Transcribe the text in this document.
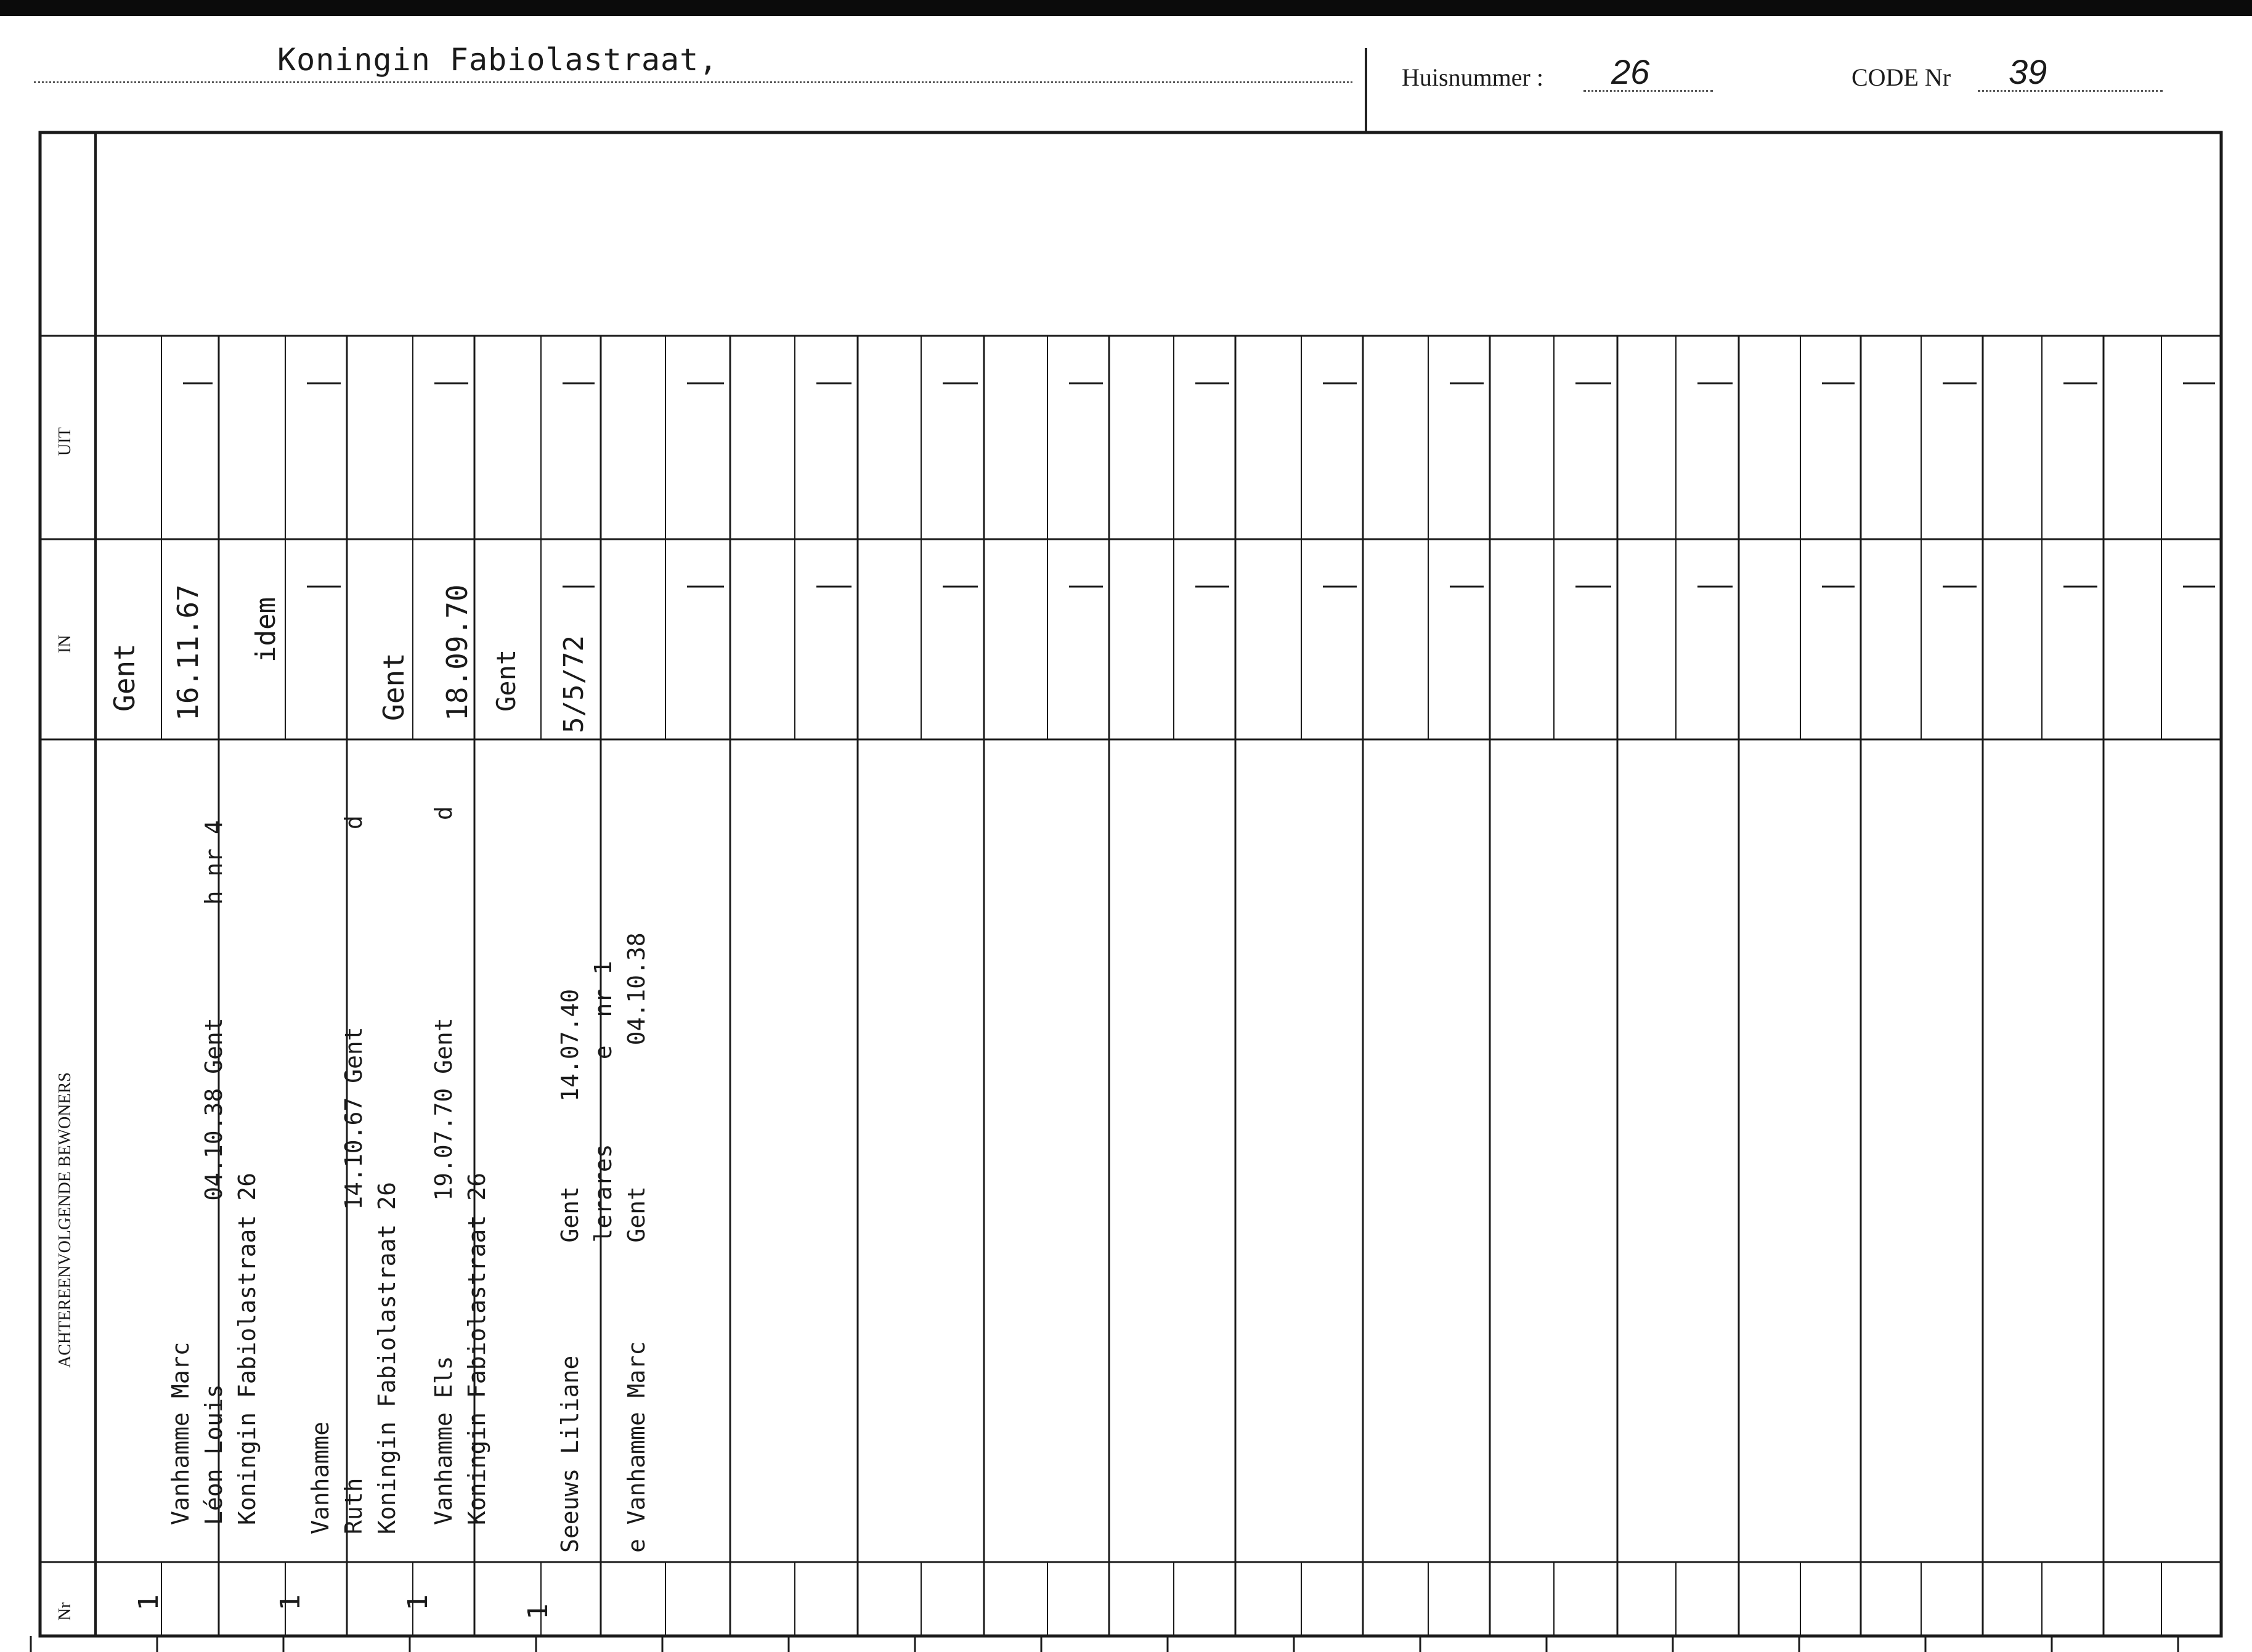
Koningin Fabiolastraat,	Huisnummer : 26	CODE Nr 39
Nr
ACHTEREENVOLGENDE BEWONERS
IN
UIT

Vanhamme Marc Léon Louis             04.10.38 Gent        h nr 4 Koningin Fabiolastraat 26

Gent 16.11.67
1

Vanhamme Ruth                   14.10.67 Gent              d Koningin Fabiolastraat 26

idem
1

Vanhamme Els           19.07.70 Gent              d Koningin Fabiolastraat 26

Gent 18.09.70
1

Seeuws Liliane        Gent      14.07.40 lerares      e  nr 1 e Vanhamme Marc       Gent          04.10.38

Gent 5/5/72
1
